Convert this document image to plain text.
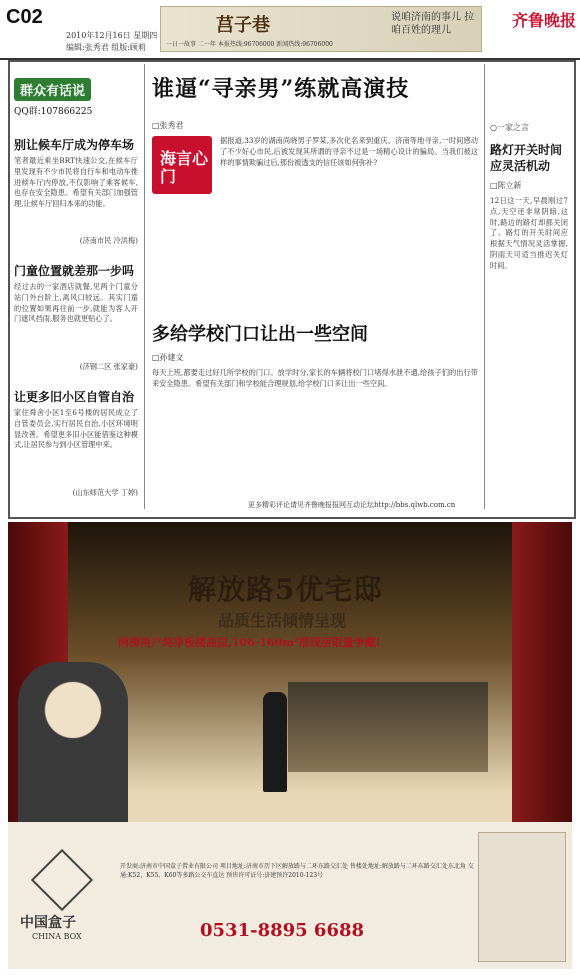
C02
2010年12月16日 星期四
编辑:张秀君 组版:顾莉
莒子巷	说咱济南的事儿 拉咱百姓的理儿
一日一故事 二一年 本报热线:96706000 新闻热线:96706000
齐鲁晚报
群众有话说
QQ群:107866225
别让候车厅成为停车场
笔者最近乘坐BRT快速公交,在候车厅里发现有不少市民将自行车和电动车推进候车厅内停放,不仅影响了乘客候车,也存在安全隐患。希望有关部门加强管理,让候车厅回归本来的功能。
(济南市民 冷洪梅)
门童位置就差那一步吗
经过去的一家酒店就餐,见两个门童分站门外台阶上,离风口较远。其实门童的位置如果再往前一步,就能为客人开门遮风挡雨,服务也就更贴心了。
(济钢二区 张家豪)
让更多旧小区自管自治
家住舜舍小区1至6号楼的居民成立了自管委员会,实行居民自治,小区环境明显改善。希望更多旧小区能借鉴这种模式,让居民参与到小区管理中来。
(山东师范大学 丁婷)
谁逼“寻亲男”练就高演技
□张秀君
海言心门
据报道,33岁的湖南尚晓男子罗某,多次化名来到重庆、济南等地寻亲,一时间感动了不少好心市民,后被发现其所谓的寻亲不过是一场精心设计的骗局。当我们被这样的事情欺骗过后,那份被透支的信任该如何弥补?
多给学校门口让出一些空间
□孙建文
每天上班,都要走过好几所学校的门口。放学时分,家长的车辆将校门口堵得水泄不通,给孩子们的出行带来安全隐患。希望有关部门和学校能合理规划,给学校门口多让出一些空间。
更多精彩评论请见齐鲁晚报报网互动论坛http://bbs.qlwb.com.cn
○一家之言
路灯开关时间应灵活机动
□陈立新
12日这一天,早晨刚过7点,天空还非常阴暗,这时,路边的路灯却都关闭了。路灯的开关时间应根据天气情况灵活掌握,阴雨天可适当推迟关灯时间。
解放路5优宅邸
品质生活倾情呈现
两梯两户纯净板楼高层,106-160m²准现房限量争藏!
中国盒子
CHINA BOX
开发商:济南市中国盒子置业有限公司 项目地址:济南市历下区解放路与二环东路交汇处 售楼处地址:解放路与二环东路交汇处东北角 交通:K52、K55、K60等多路公交车直达 预售许可证号:济建预许2010-123号
0531-8895 6688
